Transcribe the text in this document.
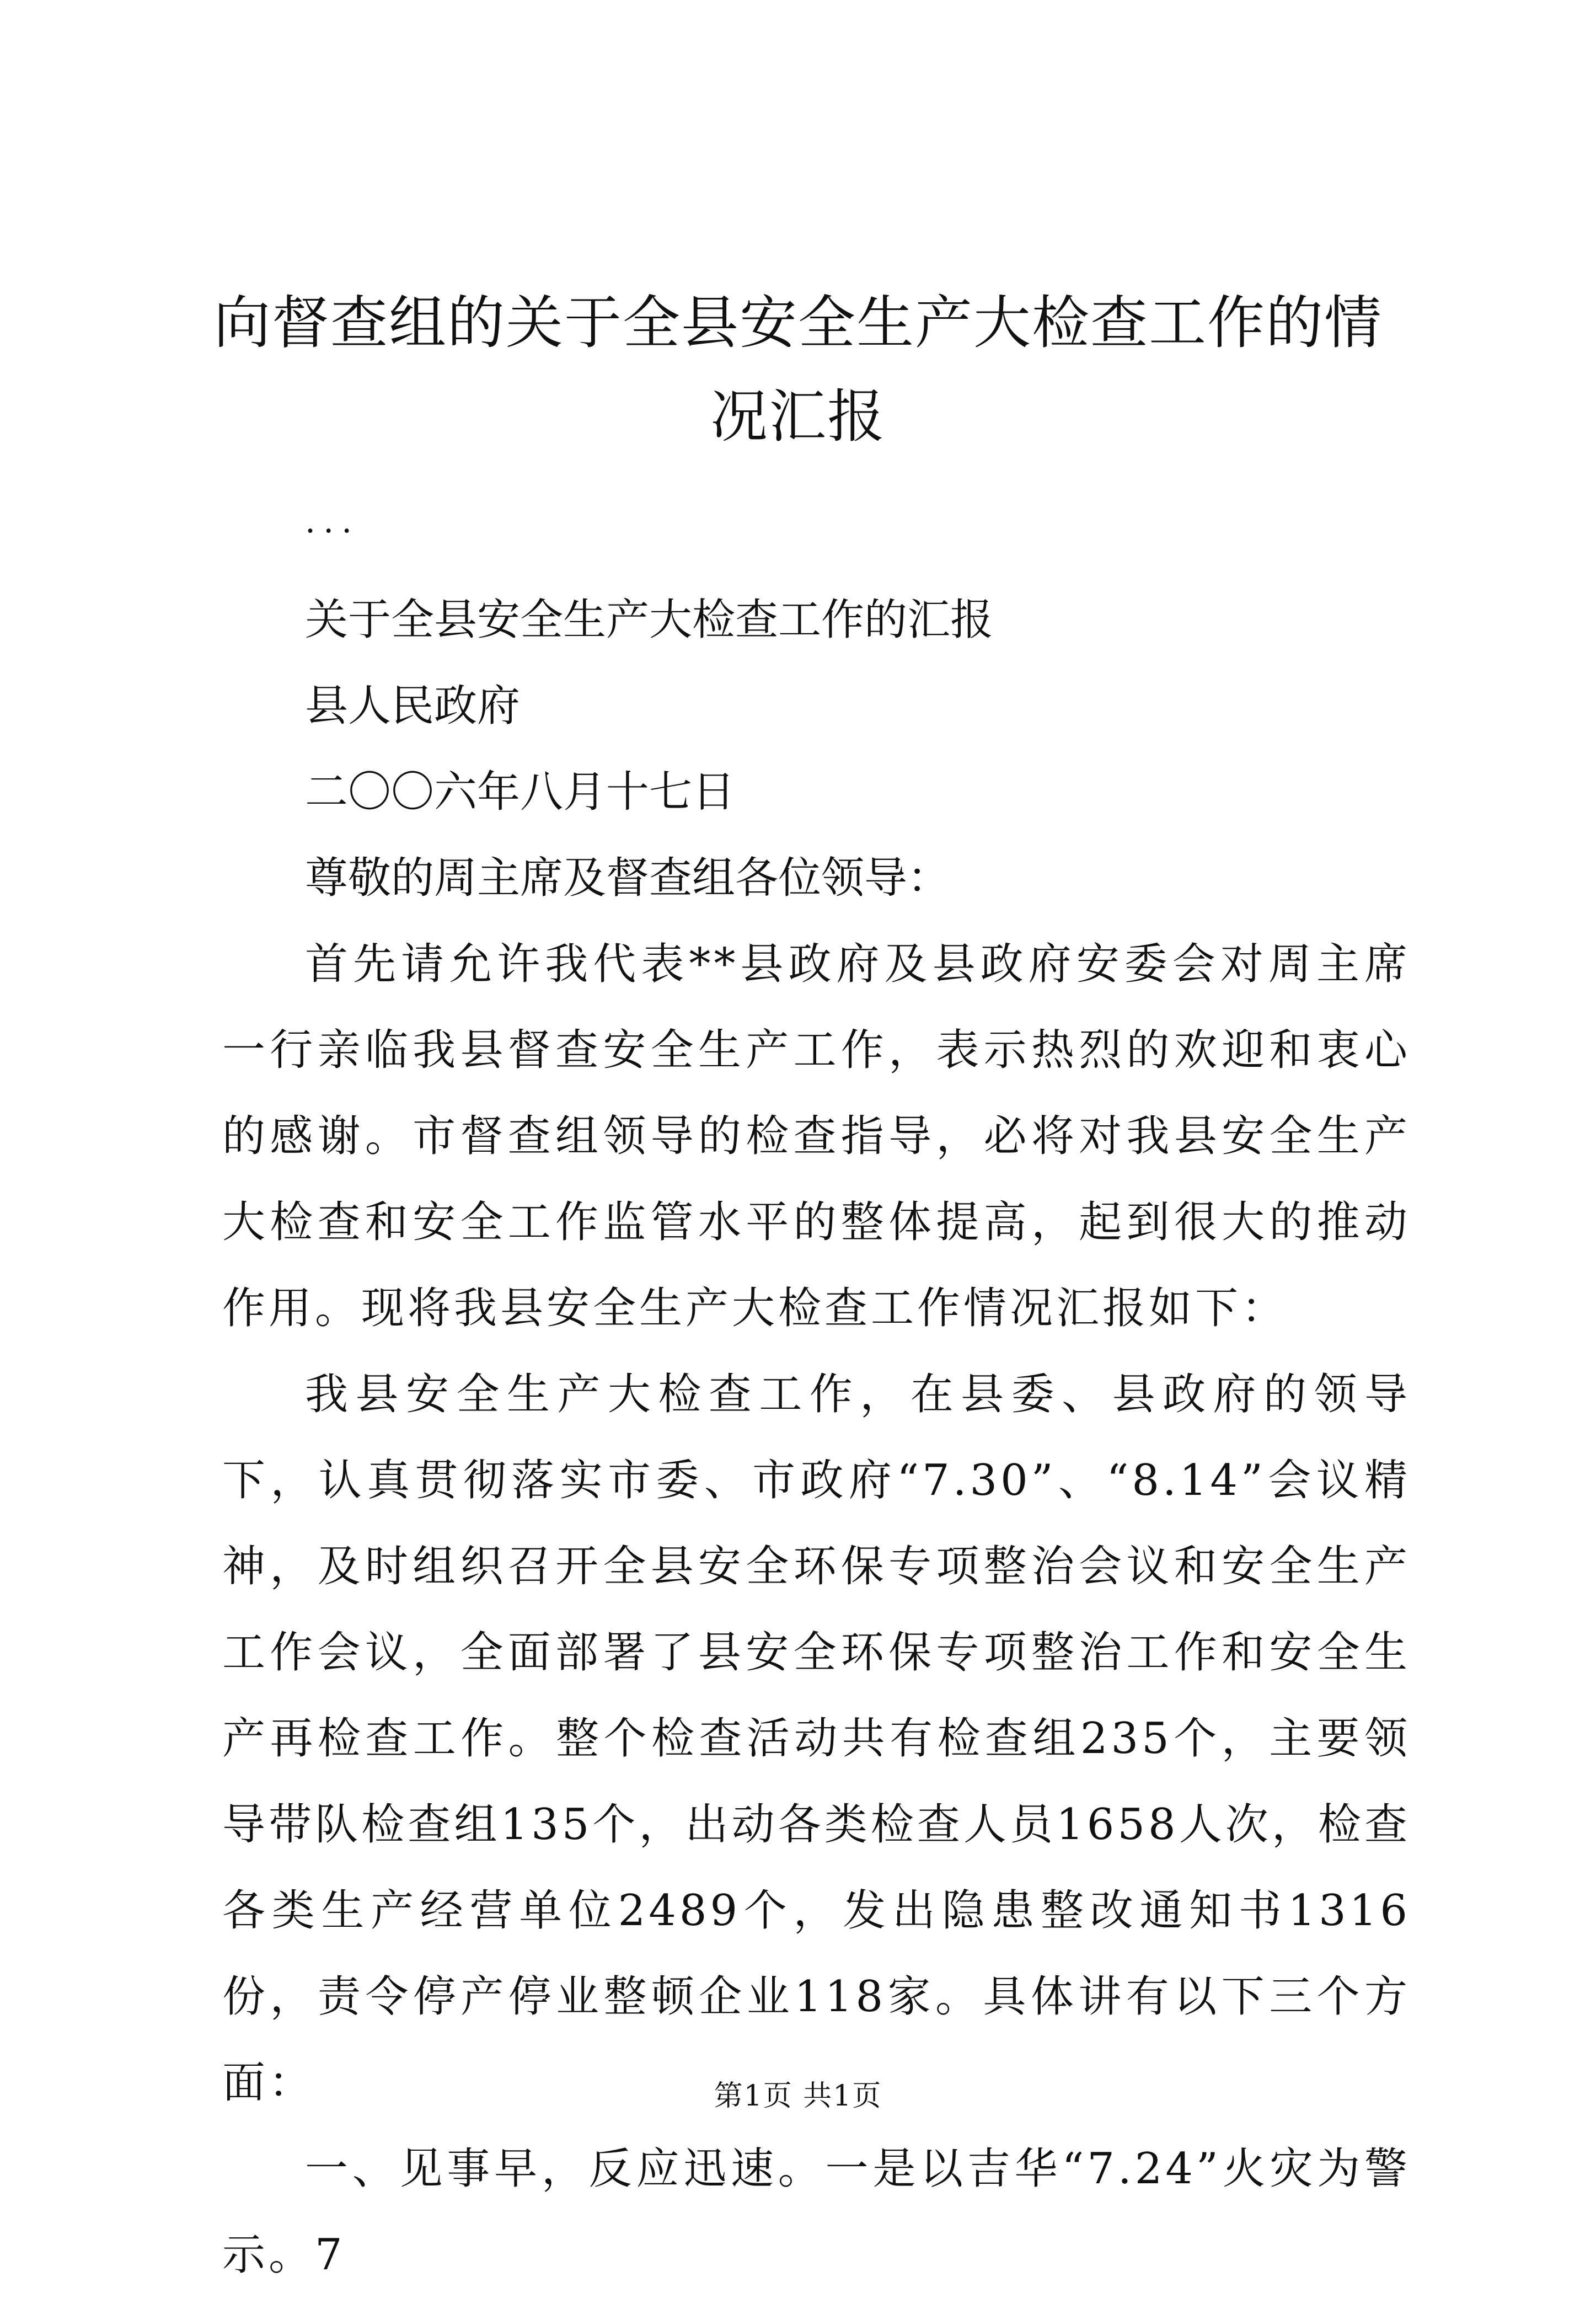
向督查组的关于全县安全生产大检查工作的情况汇报

...

关于全县安全生产大检查工作的汇报

县人民政府

二〇〇六年八月十七日

尊敬的周主席及督查组各位领导：

首先请允许我代表**县政府及县政府安委会对周主席一行亲临我县督查安全生产工作，表示热烈的欢迎和衷心的感谢。市督查组领导的检查指导，必将对我县安全生产大检查和安全工作监管水平的整体提高，起到很大的推动作用。现将我县安全生产大检查工作情况汇报如下：

我县安全生产大检查工作，在县委、县政府的领导下，认真贯彻落实市委、市政府“7.30”、“8.14”会议精神，及时组织召开全县安全环保专项整治会议和安全生产工作会议，全面部署了县安全环保专项整治工作和安全生产再检查工作。整个检查活动共有检查组235个，主要领导带队检查组135个，出动各类检查人员1658人次，检查各类生产经营单位2489个，发出隐患整改通知书1316份，责令停产停业整顿企业118家。具体讲有以下三个方面：

一、见事早，反应迅速。一是以吉华“7.24”火灾为警示。7

第1页 共1页
